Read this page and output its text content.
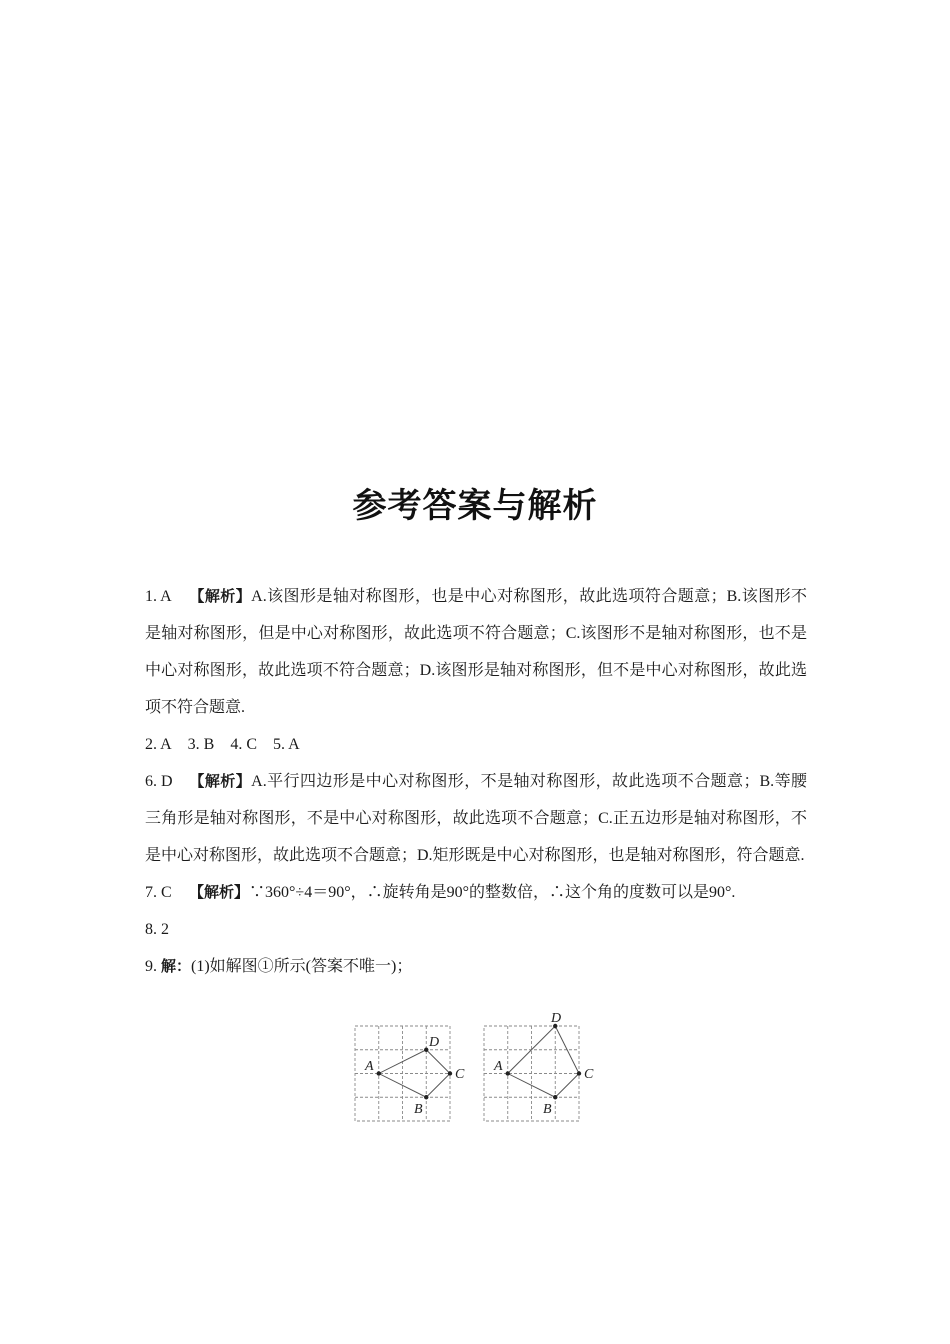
参考答案与解析

1. A 【解析】A.该图形是轴对称图形，也是中心对称图形，故此选项符合题意；B.该图形不是轴对称图形，但是中心对称图形，故此选项不符合题意；C.该图形不是轴对称图形，也不是中心对称图形，故此选项不符合题意；D.该图形是轴对称图形，但不是中心对称图形，故此选项不符合题意.

2. A 3. B 4. C 5. A

6. D 【解析】A.平行四边形是中心对称图形，不是轴对称图形，故此选项不合题意；B.等腰三角形是轴对称图形，不是中心对称图形，故此选项不合题意；C.正五边形是轴对称图形，不是中心对称图形，故此选项不合题意；D.矩形既是中心对称图形，也是轴对称图形，符合题意.

7. C 【解析】∵360°÷4＝90°，∴旋转角是90°的整数倍，∴这个角的度数可以是90°.

8. 2

9. 解：(1)如解图①所示(答案不唯一)；

A
D
C
B
A
D
C
B
